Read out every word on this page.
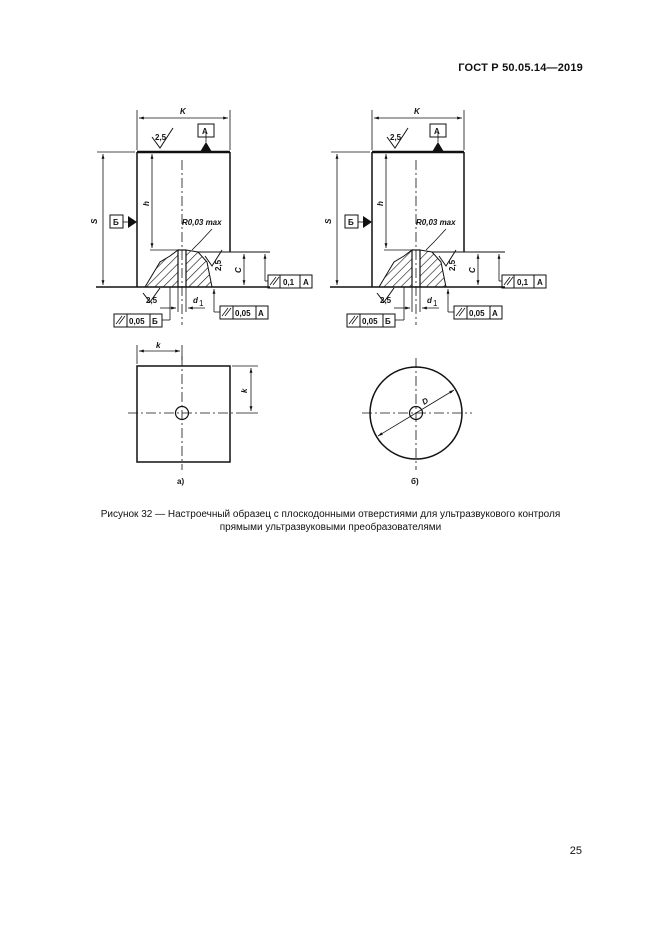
ГОСТ Р 50.05.14—2019
K
S
h
C
d 1
2,5
2,5
2,5
R0,03 max
А
Б
0,1 А
0,05 Б
0,05 А
K
S
h
C
d 1
2,5
2,5
2,5
R0,03 max
А
Б
0,1 А
0,05 Б
0,05 А
k
k
а)
D
б)
Рисунок 32 — Настроечный образец с плоскодонными отверстиями для ультразвукового контроля
прямыми ультразвуковыми преобразователями
25
